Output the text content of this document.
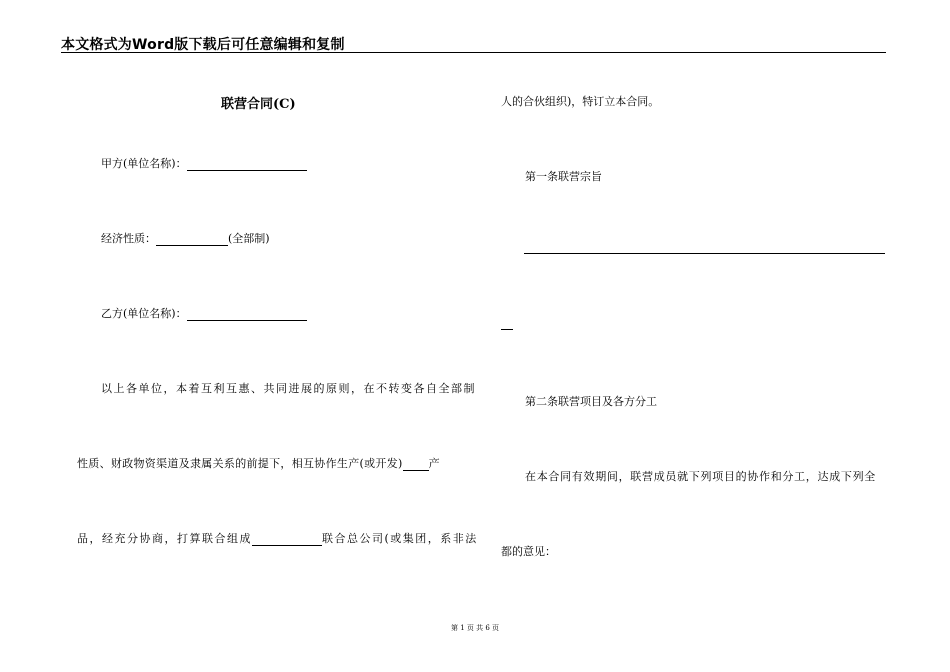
本文格式为Word版下载后可任意编辑和复制
联营合同(C)
甲方(单位名称)：
经济性质：	(全部制)
乙方(单位名称)：
以上各单位，本着互利互惠、共同进展的原则，在不转变各自全部制
性质、财政物资渠道及隶属关系的前提下，相互协作生产(或开发) 产
品，经充分协商，打算联合组成	联合总公司(或集团，系非法
人的合伙组织)，特订立本合同。
第一条联营宗旨
第二条联营项目及各方分工
在本合同有效期间，联营成员就下列项目的协作和分工，达成下列全
都的意见：
第 1 页 共 6 页
